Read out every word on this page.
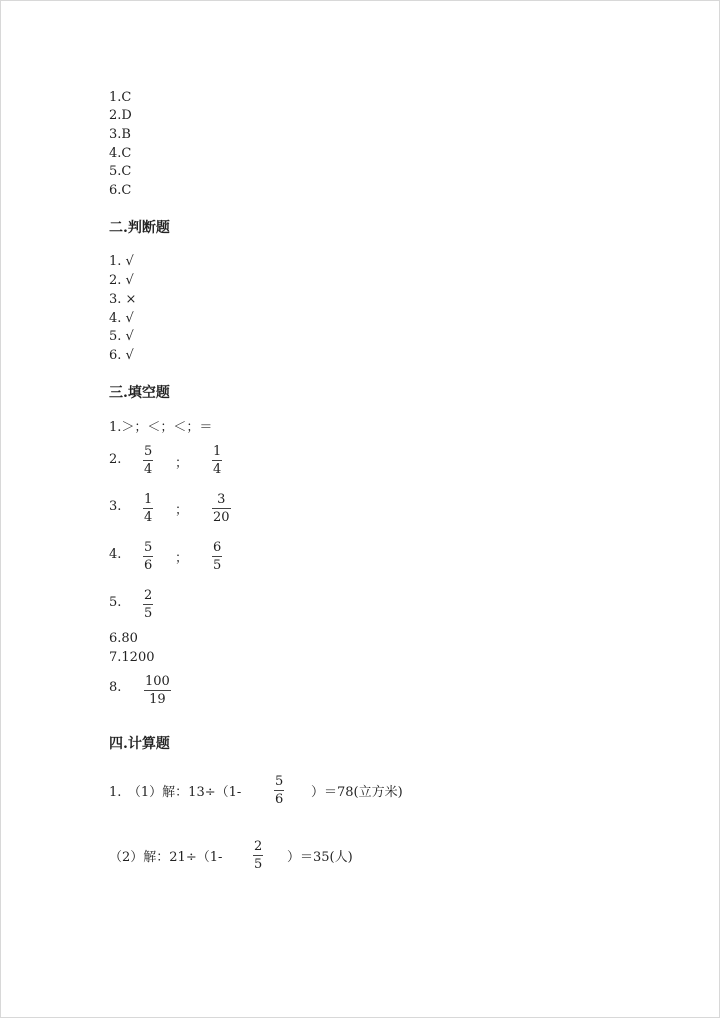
1.C
2.D
3.B
4.C
5.C
6.C
二.判断题
1. √
2. √
3. ×
4. √
5. √
6. √
三.填空题
1.＞；＜；＜；＝
2.
5
4 ；
1
4
3. 1
4 ；
3
20
4. 5
6 ；
6
5
5. 2
5
6.80
7.1200
8. 100
19
四.计算题
1.　（1）解：13÷（1-
5
6 ）＝78(立方米)
（2）解：21÷（1-
2
5 ）＝35(人)
